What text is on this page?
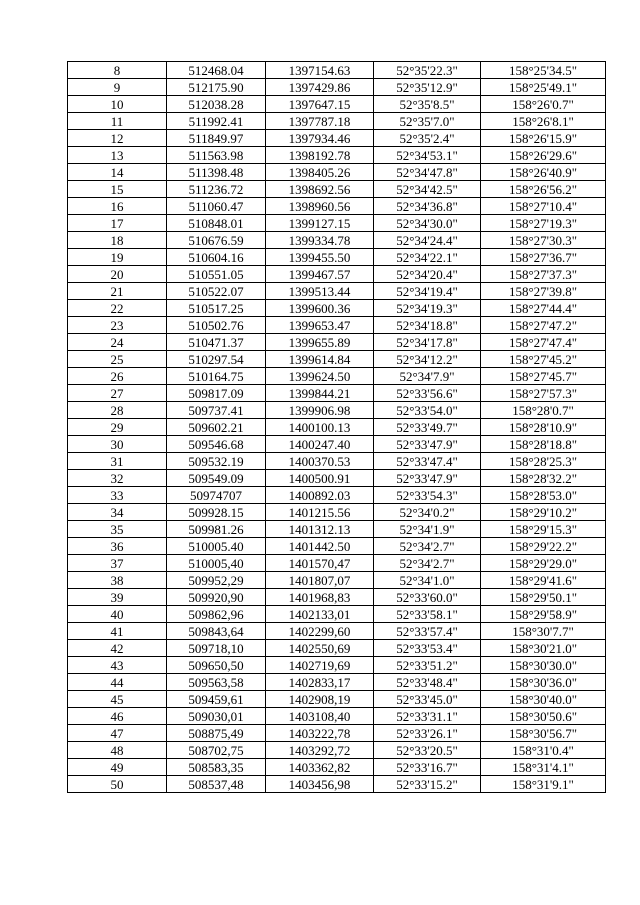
8	512468.04	1397154.63	52°35'22.3"	158°25'34.5"
9	512175.90	1397429.86	52°35'12.9"	158°25'49.1"
10	512038.28	1397647.15	52°35'8.5"	158°26'0.7"
11	511992.41	1397787.18	52°35'7.0"	158°26'8.1"
12	511849.97	1397934.46	52°35'2.4"	158°26'15.9"
13	511563.98	1398192.78	52°34'53.1"	158°26'29.6"
14	511398.48	1398405.26	52°34'47.8"	158°26'40.9"
15	511236.72	1398692.56	52°34'42.5"	158°26'56.2"
16	511060.47	1398960.56	52°34'36.8"	158°27'10.4"
17	510848.01	1399127.15	52°34'30.0"	158°27'19.3"
18	510676.59	1399334.78	52°34'24.4"	158°27'30.3"
19	510604.16	1399455.50	52°34'22.1"	158°27'36.7"
20	510551.05	1399467.57	52°34'20.4"	158°27'37.3"
21	510522.07	1399513.44	52°34'19.4"	158°27'39.8"
22	510517.25	1399600.36	52°34'19.3"	158°27'44.4"
23	510502.76	1399653.47	52°34'18.8"	158°27'47.2"
24	510471.37	1399655.89	52°34'17.8"	158°27'47.4"
25	510297.54	1399614.84	52°34'12.2"	158°27'45.2"
26	510164.75	1399624.50	52°34'7.9"	158°27'45.7"
27	509817.09	1399844.21	52°33'56.6"	158°27'57.3"
28	509737.41	1399906.98	52°33'54.0"	158°28'0.7"
29	509602.21	1400100.13	52°33'49.7"	158°28'10.9"
30	509546.68	1400247.40	52°33'47.9"	158°28'18.8"
31	509532.19	1400370.53	52°33'47.4"	158°28'25.3"
32	509549.09	1400500.91	52°33'47.9"	158°28'32.2"
33	50974707	1400892.03	52°33'54.3"	158°28'53.0"
34	509928.15	1401215.56	52°34'0.2"	158°29'10.2"
35	509981.26	1401312.13	52°34'1.9"	158°29'15.3"
36	510005.40	1401442.50	52°34'2.7"	158°29'22.2"
37	510005,40	1401570,47	52°34'2.7"	158°29'29.0"
38	509952,29	1401807,07	52°34'1.0"	158°29'41.6"
39	509920,90	1401968,83	52°33'60.0"	158°29'50.1"
40	509862,96	1402133,01	52°33'58.1"	158°29'58.9"
41	509843,64	1402299,60	52°33'57.4"	158°30'7.7"
42	509718,10	1402550,69	52°33'53.4"	158°30'21.0"
43	509650,50	1402719,69	52°33'51.2"	158°30'30.0"
44	509563,58	1402833,17	52°33'48.4"	158°30'36.0"
45	509459,61	1402908,19	52°33'45.0"	158°30'40.0"
46	509030,01	1403108,40	52°33'31.1"	158°30'50.6"
47	508875,49	1403222,78	52°33'26.1"	158°30'56.7"
48	508702,75	1403292,72	52°33'20.5"	158°31'0.4"
49	508583,35	1403362,82	52°33'16.7"	158°31'4.1"
50	508537,48	1403456,98	52°33'15.2"	158°31'9.1"
